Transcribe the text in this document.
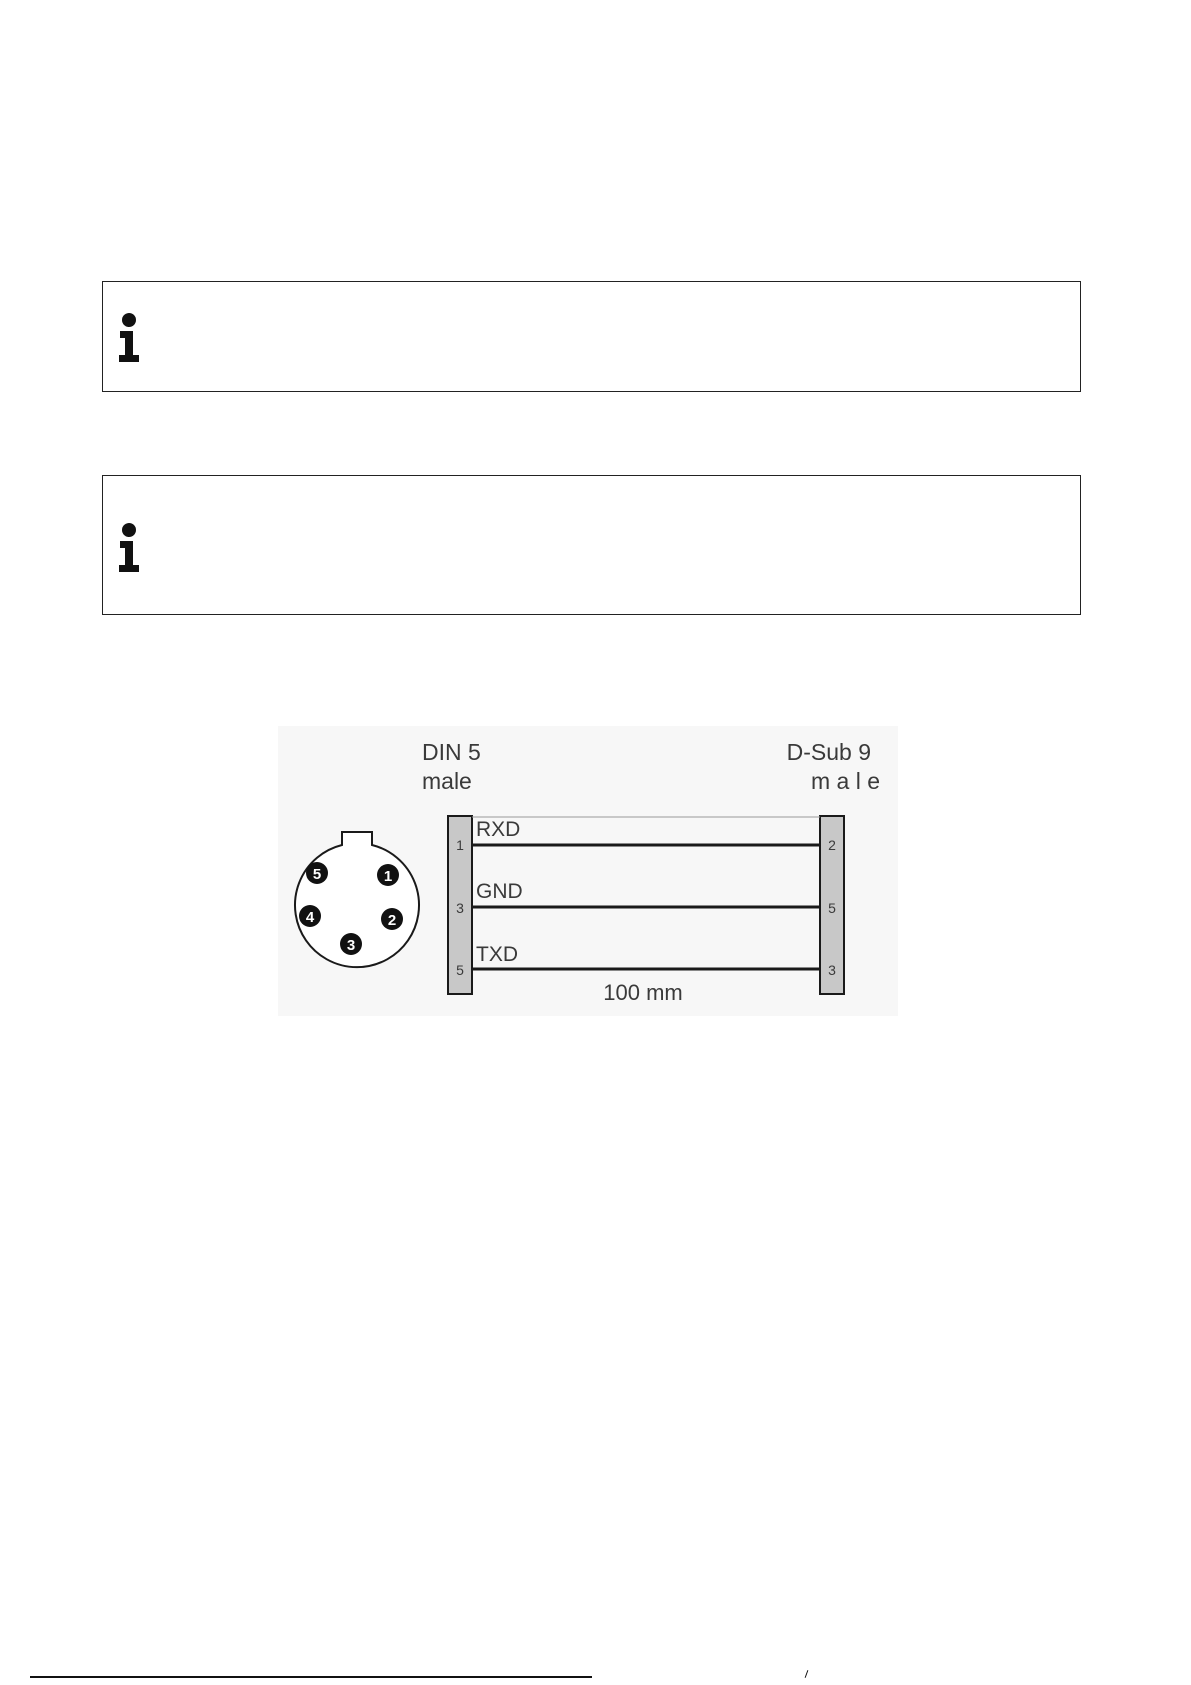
DIN 5
male
D-Sub 9
m a l e
1
2
3
4
5
RXD
1	2
GND
3	5
TXD
5	3
100 mm
